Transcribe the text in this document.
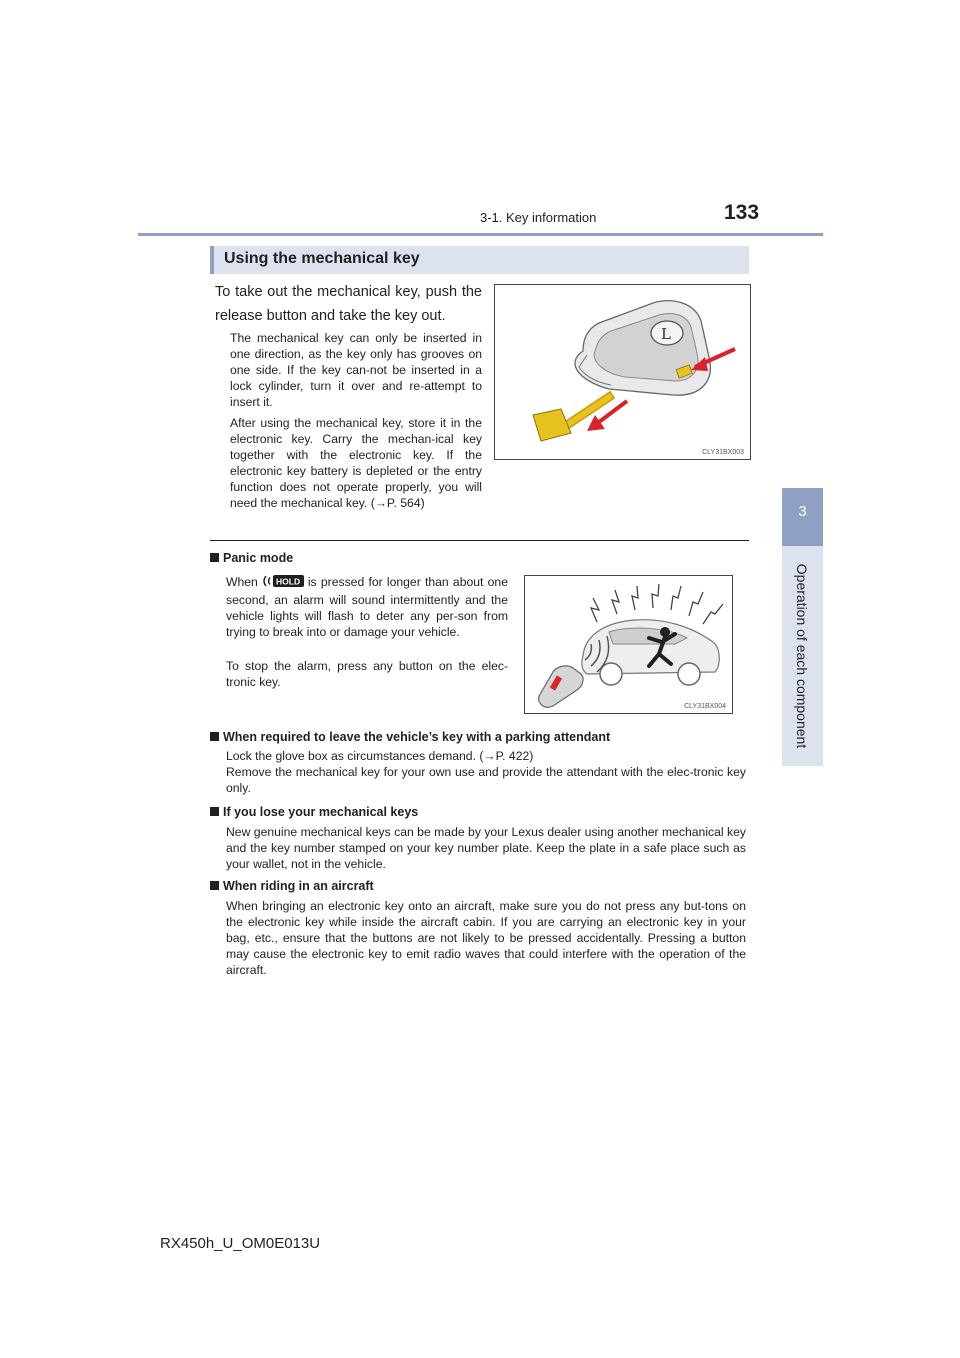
3-1. Key information	133
3
Operation of each component
Using the mechanical key
To take out the mechanical key, push the release button and take the key out.
The mechanical key can only be inserted in one direction, as the key only has grooves on one side. If the key can-not be inserted in a lock cylinder, turn it over and re-attempt to insert it.
After using the mechanical key, store it in the electronic key. Carry the mechan-ical key together with the electronic key. If the electronic key battery is depleted or the entry function does not operate properly, you will need the mechanical key. (→P. 564)
L
CLY31BX003
Panic mode
When HOLD is pressed for longer than about one second, an alarm will sound intermittently and the vehicle lights will flash to deter any per-son from trying to break into or damage your vehicle.
To stop the alarm, press any button on the elec-tronic key.
CLY31BX004
When required to leave the vehicle’s key with a parking attendant
Lock the glove box as circumstances demand. (→P. 422)
Remove the mechanical key for your own use and provide the attendant with the elec-tronic key only.
If you lose your mechanical keys
New genuine mechanical keys can be made by your Lexus dealer using another mechanical key and the key number stamped on your key number plate. Keep the plate in a safe place such as your wallet, not in the vehicle.
When riding in an aircraft
When bringing an electronic key onto an aircraft, make sure you do not press any but-tons on the electronic key while inside the aircraft cabin. If you are carrying an electronic key in your bag, etc., ensure that the buttons are not likely to be pressed accidentally. Pressing a button may cause the electronic key to emit radio waves that could interfere with the operation of the aircraft.
RX450h_U_OM0E013U
